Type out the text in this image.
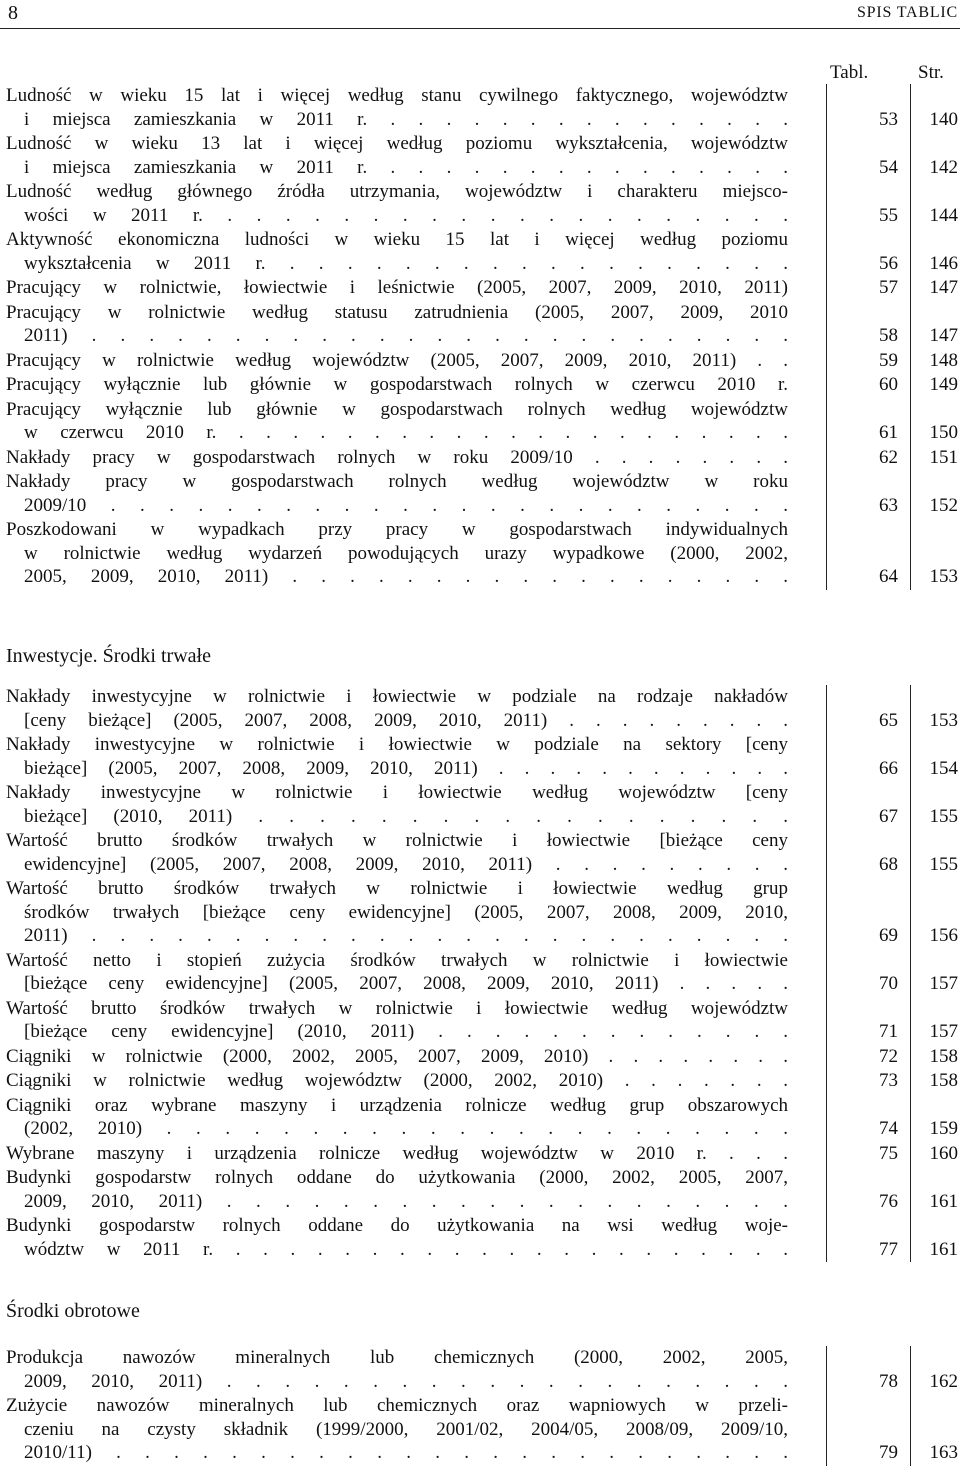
8	SPIS TABLIC
Tabl.	Str.
Ludność w wieku 15 lat i więcej według stanu cywilnego faktycznego, województw
i miejsca zamieszkania w 2011 r. . . . . . . . . . . . . . . .	53	140
Ludność w wieku 13 lat i więcej według poziomu wykształcenia, województw
i miejsca zamieszkania w 2011 r. . . . . . . . . . . . . . . .	54	142
Ludność według głównego źródła utrzymania, województw i charakteru miejsco-
wości w 2011 r. . . . . . . . . . . . . . . . . . . . .	55	144
Aktywność ekonomiczna ludności w wieku 15 lat i więcej według poziomu
wykształcenia w 2011 r. . . . . . . . . . . . . . . . . . .	56	146
Pracujący w rolnictwie, łowiectwie i leśnictwie (2005, 2007, 2009, 2010, 2011)	57	147
Pracujący w rolnictwie według statusu zatrudnienia (2005, 2007, 2009, 2010
2011) . . . . . . . . . . . . . . . . . . . . . . . . .	58	147
Pracujący w rolnictwie według województw (2005, 2007, 2009, 2010, 2011) . .	59	148
Pracujący wyłącznie lub głównie w gospodarstwach rolnych w czerwcu 2010 r.	60	149
Pracujący wyłącznie lub głównie w gospodarstwach rolnych według województw
w czerwcu 2010 r. . . . . . . . . . . . . . . . . . . . . .	61	150
Nakłady pracy w gospodarstwach rolnych w roku 2009/10 . . . . . . . .	62	151
Nakłady pracy w gospodarstwach rolnych według województw w roku
2009/10 . . . . . . . . . . . . . . . . . . . . . . . .	63	152
Poszkodowani w wypadkach przy pracy w gospodarstwach indywidualnych
w rolnictwie według wydarzeń powodujących urazy wypadkowe (2000, 2002,
2005, 2009, 2010, 2011) . . . . . . . . . . . . . . . . . .	64	153
Inwestycje. Środki trwałe
Nakłady inwestycyjne w rolnictwie i łowiectwie w podziale na rodzaje nakładów
[ceny bieżące] (2005, 2007, 2008, 2009, 2010, 2011) . . . . . . . . .	65	153
Nakłady inwestycyjne w rolnictwie i łowiectwie w podziale na sektory [ceny
bieżące] (2005, 2007, 2008, 2009, 2010, 2011) . . . . . . . . . . . .	66	154
Nakłady inwestycyjne w rolnictwie i łowiectwie według województw [ceny
bieżące] (2010, 2011) . . . . . . . . . . . . . . . . . .	67	155
Wartość brutto środków trwałych w rolnictwie i łowiectwie [bieżące ceny
ewidencyjne] (2005, 2007, 2008, 2009, 2010, 2011) . . . . . . . . .	68	155
Wartość brutto środków trwałych w rolnictwie i łowiectwie według grup
środków trwałych [bieżące ceny ewidencyjne] (2005, 2007, 2008, 2009, 2010,
2011) . . . . . . . . . . . . . . . . . . . . . . . . .	69	156
Wartość netto i stopień zużycia środków trwałych w rolnictwie i łowiectwie
[bieżące ceny ewidencyjne] (2005, 2007, 2008, 2009, 2010, 2011) . . . . .	70	157
Wartość brutto środków trwałych w rolnictwie i łowiectwie według województw
[bieżące ceny ewidencyjne] (2010, 2011) . . . . . . . . . . . . .	71	157
Ciągniki w rolnictwie (2000, 2002, 2005, 2007, 2009, 2010) . . . . . . . .	72	158
Ciągniki w rolnictwie według województw (2000, 2002, 2010) . . . . . . .	73	158
Ciągniki oraz wybrane maszyny i urządzenia rolnicze według grup obszarowych
(2002, 2010) . . . . . . . . . . . . . . . . . . . . . .	74	159
Wybrane maszyny i urządzenia rolnicze według województw w 2010 r. . . .	75	160
Budynki gospodarstw rolnych oddane do użytkowania (2000, 2002, 2005, 2007,
2009, 2010, 2011) . . . . . . . . . . . . . . . . . . . .	76	161
Budynki gospodarstw rolnych oddane do użytkowania na wsi według woje-
wództw w 2011 r. . . . . . . . . . . . . . . . . . . . . .	77	161
Środki obrotowe
Produkcja nawozów mineralnych lub chemicznych (2000, 2002, 2005,
2009, 2010, 2011) . . . . . . . . . . . . . . . . . . . .	78	162
Zużycie nawozów mineralnych lub chemicznych oraz wapniowych w przeli-
czeniu na czysty składnik (1999/2000, 2001/02, 2004/05, 2008/09, 2009/10,
2010/11) . . . . . . . . . . . . . . . . . . . . . . . .	79	163
